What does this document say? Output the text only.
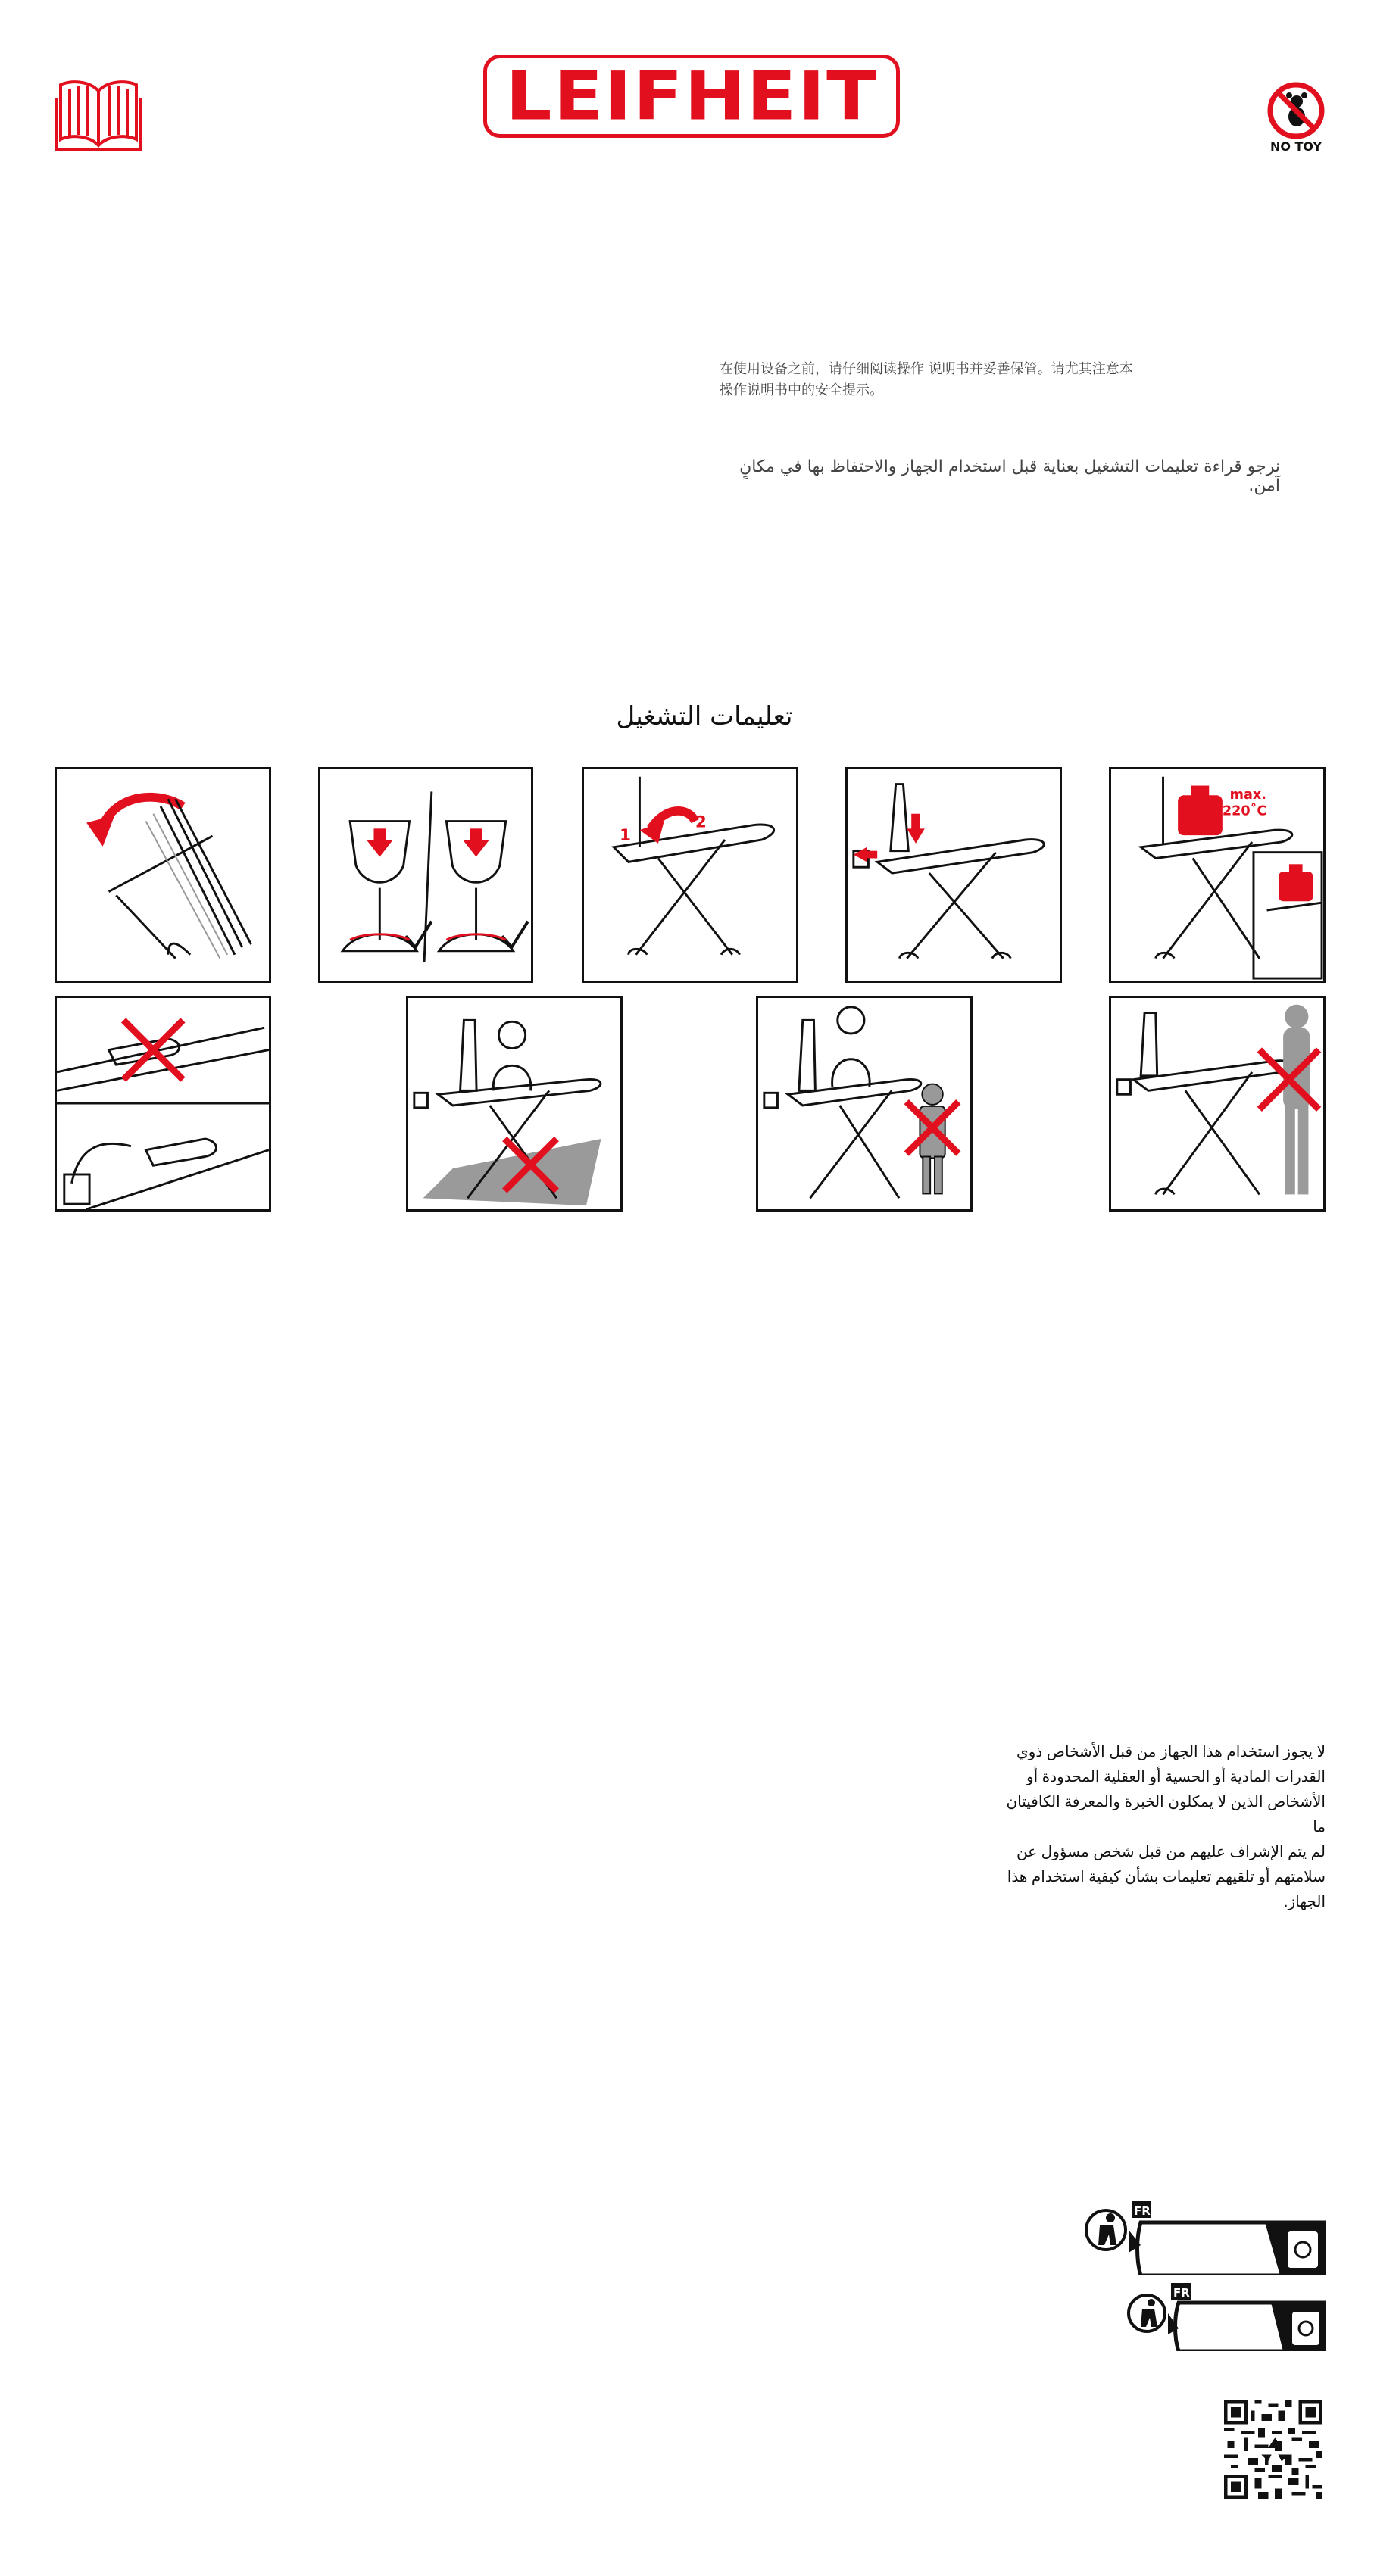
LEIFHEIT
NO TOY
在使用设备之前，请仔细阅读操作 说明书并妥善保管。请尤其注意本
操作说明书中的安全提示。
نرجو قراءة تعليمات التشغيل بعناية قبل استخدام الجهاز والاحتفاظ بها في مكانٍ آمن.
تعليمات التشغيل
2
1
max.
220˚C
لا يجوز استخدام هذا الجهاز من قبل الأشخاص ذوي
القدرات المادية أو الحسية أو العقلية المحدودة أو
الأشخاص الذين لا يمكلون الخبرة والمعرفة الكافيتان ما
لم يتم الإشراف عليهم من قبل شخص مسؤول عن
سلامتهم أو تلقيهم تعليمات بشأن كيفية استخدام هذا
الجهاز.
FR
FR
